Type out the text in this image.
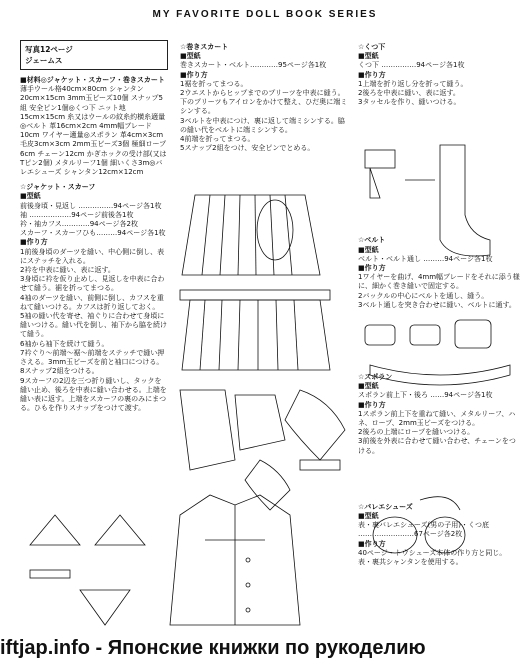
MY FAVORITE DOLL BOOK SERIES
写真12ページ
ジェームス
■材料◎ジャケット・スカーフ・巻きスカート
薄手ウール格40cm×80cm シャンタン20cm×15cm 3mm玉ビーズ10個 スナップ5組 安全ピン1個◎くつ下 ニット地15cm×15cm 糸又はウールの紋糸約横糸適量◎ベルト 革16cm×2cm 4mm幅ブレード10cm ワイヤー適量◎スポラン 革4cm×3cm 毛皮3cm×3cm 2mm玉ビーズ3個 極細ロープ6cm チェーン12cm かぎホックの受け部(又はTピン2個) メタルリーフ1個 細いくさ3m◎バレエシューズ シャンタン12cm×12cm
☆ジャケット・スカーフ
■ 型紙
前後身頃・見返し ……………94ページ各1枚
袖 ………………94ページ前後各1枚
衿・袖カフス…………94ページ各2枚
スカーフ・スカーフひも………94ページ各1枚
■ 作り方
1前後身頃のダーツを縫い、中心側に倒し、表にステッチを入れる。
2衿を中表に縫い、表に返す。
3身頃に衿を仮り止めし、見返しを中表に合わせて縫う。裾を折ってまつる。
4袖のダーツを縫い、前側に倒し、カフスを重ねて縫いつける。カフスは折り返しておく。
5袖の縫い代を寄せ、袖ぐりに合わせて身頃に縫いつける。縫い代を倒し、袖下から脇を続けて縫う。
6袖から袖下を続けて縫う。
7衿ぐり〜前端〜裾〜前端をステッチで縫い押さえる。3mm玉ビーズを前と袖口につける。
8スナップ2組をつける。
9スカーフの2辺を三つ折り縫いし、タックを縫い止め、後ろを中表に縫い合わせる。上端を縫い表に返す。上端をスカーフの裏のみにまつる。ひもを作りスナップをつけて渡す。
☆巻きスカート
■ 型紙
巻きスカート・ベルト…………95ページ各1枚
■ 作り方
1裾を折ってまつる。
2ウエストからヒップまでのプリーツを中表に縫う。下のプリーツもアイロンをかけて整え、ひだ奥に端ミシンする。
3ベルトを中表につけ、裏に返して端ミシンする。脇の縫い代をベルトに端ミシンする。
4前端を折ってまつる。
5スナップ2組をつけ、安全ピンでとめる。
☆くつ下
■ 型紙
くつ下 ……………94ページ各1枚
■ 作り方
1上端を折り返し分を折って縫う。
2後ろを中表に縫い、表に返す。
3タッセルを作り、縫いつける。
☆ベルト
■ 型紙
ベルト・ベルト通し ………94ページ各1枚
■ 作り方
1ワイヤーを曲げ、4mm幅ブレードをそれに添う様に、細かく巻き縫いで固定する。
2バックルの中心にベルトを通し、縫う。
3ベルト通しを突き合わせに縫い、ベルトに通す。
☆スポラン
■ 型紙
スポラン前上下・後ろ ……94ページ各1枚
■ 作り方
1スポラン前上下を重ねて縫い、メタルリーフ、ハネ、ロープ、2mm玉ビーズをつける。
2後ろの上端にロープを縫いつける。
3前後を外表に合わせて縫い合わせ、チェーンをつける。
☆バレエシューズ
■ 型紙
表・裏バレエシューズ(男の子用)・くつ底
……………………67ページ各2枚
■ 作り方
40ページ・トウシューズ本体の作り方と同じ。表・裏共シャンタンを使用する。
iftjap.info - Японские книжки по рукоделию
